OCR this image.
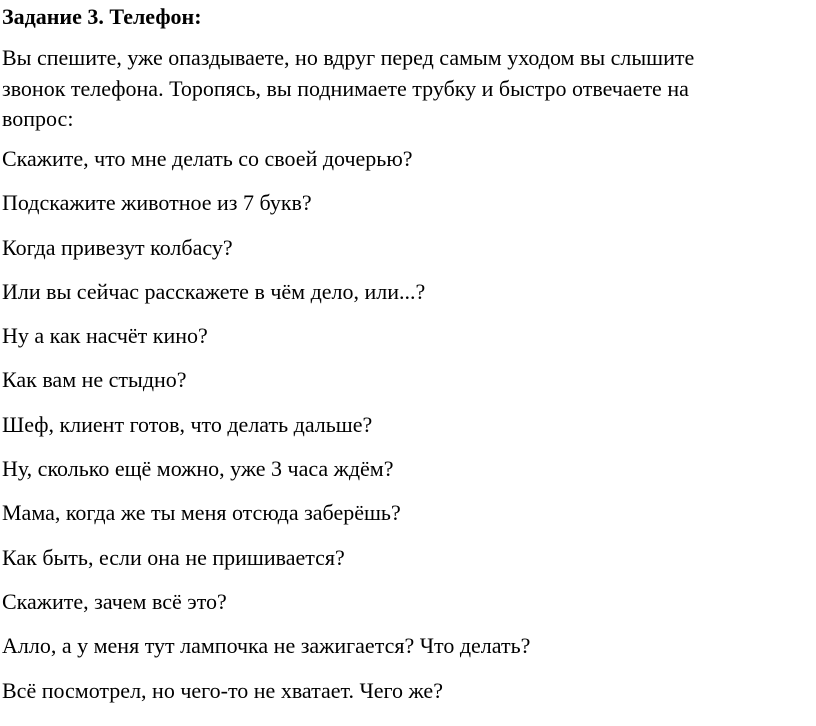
Задание 3. Телефон:
Вы спешите, уже опаздываете, но вдруг перед самым уходом вы слышите
звонок телефона. Торопясь, вы поднимаете трубку и быстро отвечаете на
вопрос:
Скажите, что мне делать со своей дочерью?
Подскажите животное из 7 букв?
Когда привезут колбасу?
Или вы сейчас расскажете в чём дело, или...?
Ну а как насчёт кино?
Как вам не стыдно?
Шеф, клиент готов, что делать дальше?
Ну, сколько ещё можно, уже 3 часа ждём?
Мама, когда же ты меня отсюда заберёшь?
Как быть, если она не пришивается?
Скажите, зачем всё это?
Алло, а у меня тут лампочка не зажигается? Что делать?
Всё посмотрел, но чего-то не хватает. Чего же?
